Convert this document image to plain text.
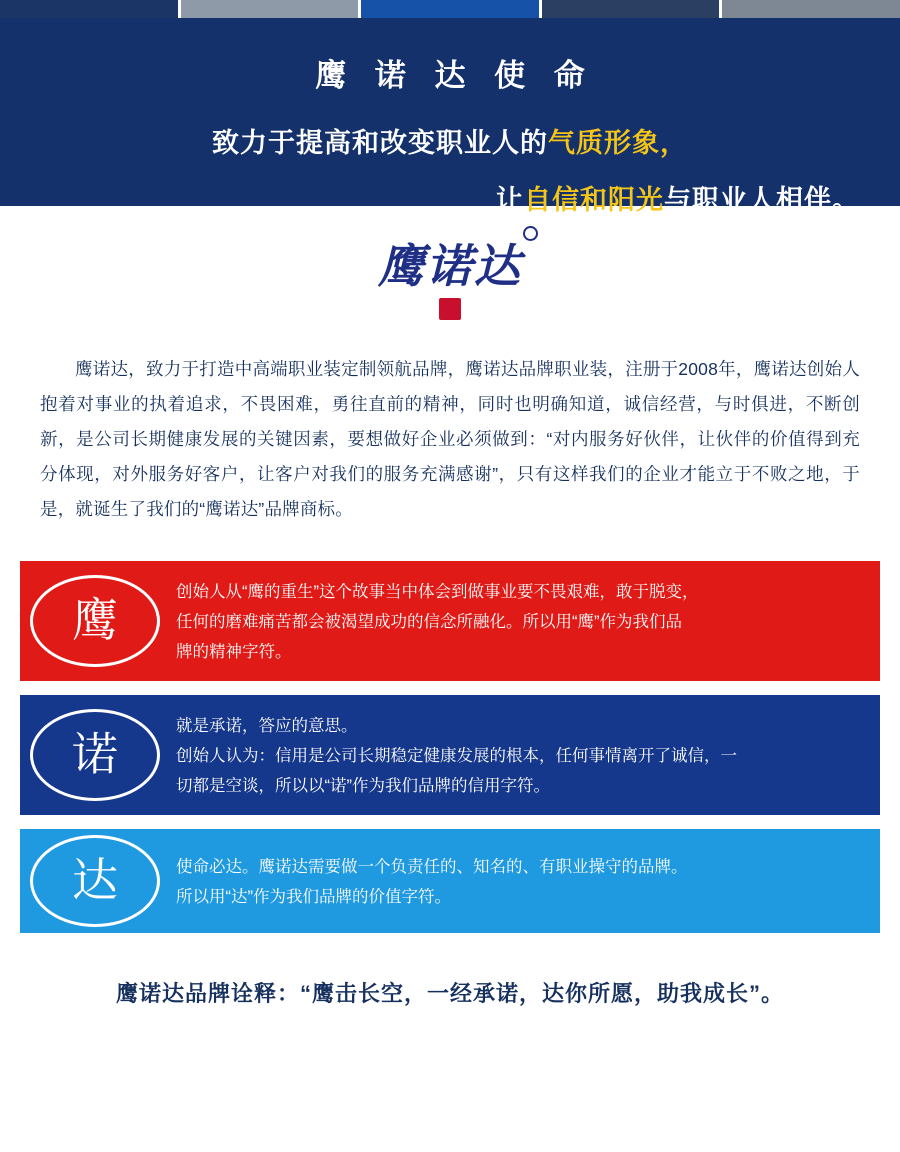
鹰 诺 达 使 命
致力于提高和改变职业人的气质形象，
让自信和阳光与职业人相伴。
鹰诺达

鹰诺达，致力于打造中高端职业装定制领航品牌，鹰诺达品牌职业装，注册于2008年，鹰诺达创始人抱着对事业的执着追求，不畏困难，勇往直前的精神，同时也明确知道，诚信经营，与时俱进，不断创新，是公司长期健康发展的关键因素，要想做好企业必须做到：“对内服务好伙伴，让伙伴的价值得到充分体现，对外服务好客户，让客户对我们的服务充满感谢”，只有这样我们的企业才能立于不败之地，于是，就诞生了我们的“鹰诺达”品牌商标。

鹰
创始人从“鹰的重生”这个故事当中体会到做事业要不畏艰难，敢于脱变，
任何的磨难痛苦都会被渴望成功的信念所融化。所以用“鹰”作为我们品
牌的精神字符。
诺
就是承诺，答应的意思。
创始人认为：信用是公司长期稳定健康发展的根本，任何事情离开了诚信，一
切都是空谈，所以以“诺”作为我们品牌的信用字符。
达	使命必达。鹰诺达需要做一个负责任的、知名的、有职业操守的品牌。
所以用“达”作为我们品牌的价值字符。
鹰诺达品牌诠释：“鹰击长空，一经承诺，达你所愿，助我成长”。
